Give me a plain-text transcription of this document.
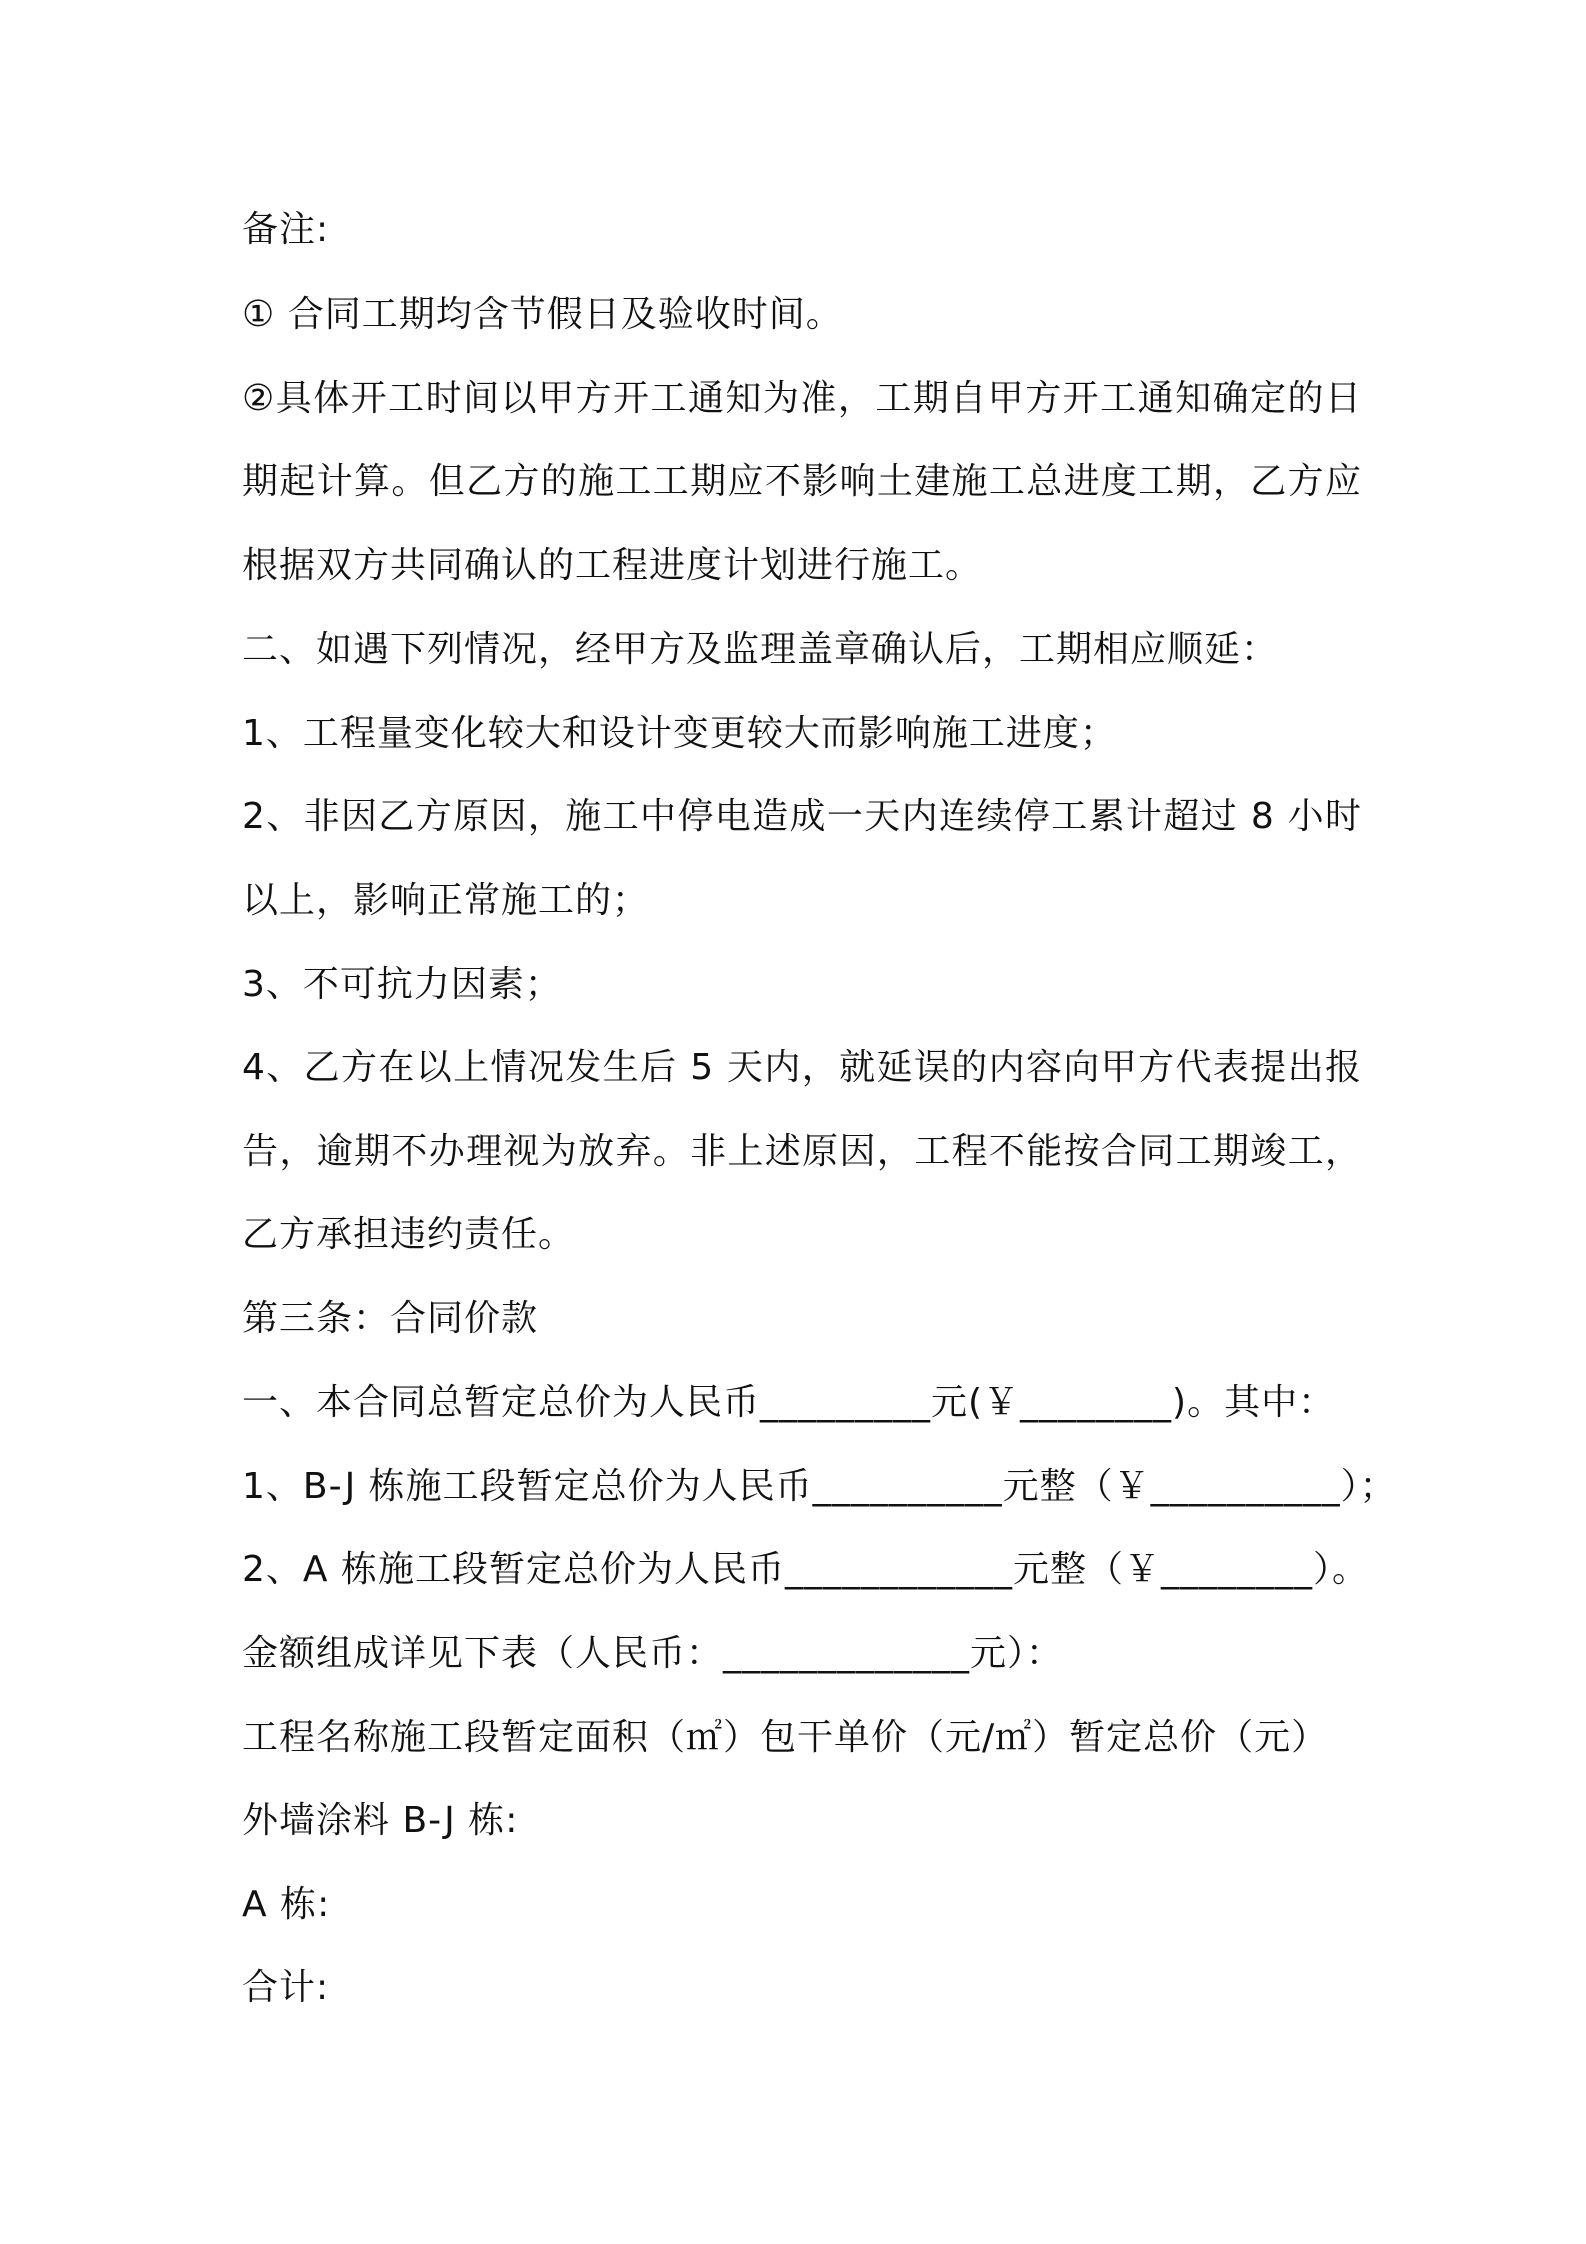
备注:
① 合同工期均含节假日及验收时间。
②具体开工时间以甲方开工通知为准，工期自甲方开工通知确定的日
期起计算。但乙方的施工工期应不影响土建施工总进度工期，乙方应
根据双方共同确认的工程进度计划进行施工。
二、如遇下列情况，经甲方及监理盖章确认后，工期相应顺延：
1、工程量变化较大和设计变更较大而影响施工进度；
2、非因乙方原因，施工中停电造成一天内连续停工累计超过 8 小时
以上，影响正常施工的；
3、不可抗力因素；
4、乙方在以上情况发生后 5 天内，就延误的内容向甲方代表提出报
告，逾期不办理视为放弃。非上述原因，工程不能按合同工期竣工，
乙方承担违约责任。
第三条：合同价款
一、本合同总暂定总价为人民币_________元(￥________)。其中：
1、B-J 栋施工段暂定总价为人民币__________元整（￥__________）；
2、A 栋施工段暂定总价为人民币____________元整（￥________）。
金额组成详见下表（人民币：_____________元）：
工程名称施工段暂定面积（㎡）包干单价（元/㎡）暂定总价（元）
外墙涂料 B-J 栋:
A 栋:
合计:
